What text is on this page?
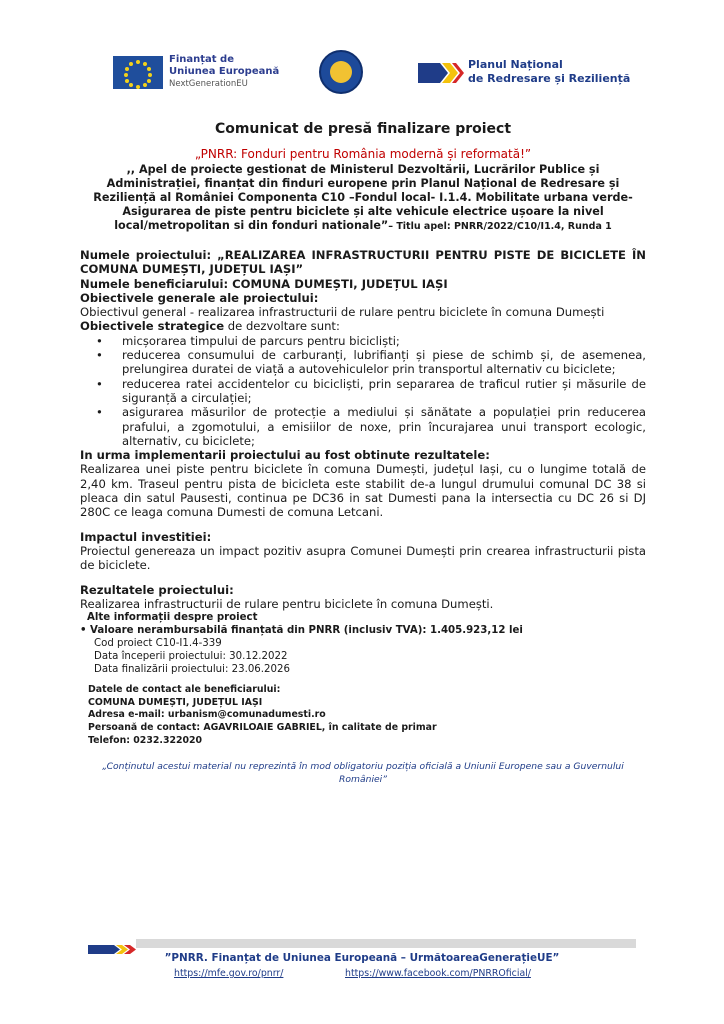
Finanțat de
Uniunea Europeană
NextGenerationEU
Planul Național
de Redresare și Reziliență

Comunicat de presă finalizare proiect

„PNRR: Fonduri pentru România modernă și reformată!”

,, Apel de proiecte gestionat de Ministerul Dezvoltării, Lucrărilor Publice și Administrației, finanțat din finduri europene prin Planul Național de Redresare și Reziliență al României Componenta C10 –Fondul local- I.1.4. Mobilitate urbana verde- Asigurarea de piste pentru biciclete și alte vehicule electrice ușoare la nivel local/metropolitan si din fonduri nationale”– Titlu apel: PNRR/2022/C10/I1.4, Runda 1

Numele proiectului: „REALIZAREA INFRASTRUCTURII PENTRU PISTE DE BICICLETE ÎN COMUNA DUMEȘTI, JUDEȚUL IAȘI”

Numele beneficiarului: COMUNA DUMEȘTI, JUDEȚUL IAȘI

Obiectivele generale ale proiectului:

Obiectivul general - realizarea infrastructurii de rulare pentru biciclete în comuna Dumești

Obiectivele strategice de dezvoltare sunt:

• micșorarea timpului de parcurs pentru bicicliști;
• reducerea consumului de carburanți, lubrifianți și piese de schimb și, de asemenea, prelungirea duratei de viață a autovehiculelor prin transportul alternativ cu biciclete;
• reducerea ratei accidentelor cu bicicliști, prin separarea de traficul rutier și măsurile de siguranță a circulației;
• asigurarea măsurilor de protecție a mediului și sănătate a populației prin reducerea prafului, a zgomotului, a emisiilor de noxe, prin încurajarea unui transport ecologic, alternativ, cu biciclete;

In urma implementarii proiectului au fost obtinute rezultatele:

Realizarea unei piste pentru biciclete în comuna Dumești, județul Iași, cu o lungime totală de 2,40 km. Traseul pentru pista de bicicleta este stabilit de-a lungul drumului comunal DC 38 si pleaca din satul Pausesti, continua pe DC36 in sat Dumesti pana la intersectia cu DC 26 si DJ 280C ce leaga comuna Dumesti de comuna Letcani.

Impactul investitiei:

Proiectul genereaza un impact pozitiv asupra Comunei Dumești prin crearea infrastructurii pista de biciclete.

Rezultatele proiectului:

Realizarea infrastructurii de rulare pentru biciclete în comuna Dumești.

Alte informații despre proiect
• Valoare nerambursabilă finanțată din PNRR (inclusiv TVA): 1.405.923,12 lei
Cod proiect C10-I1.4-339
Data începerii proiectului: 30.12.2022
Data finalizării proiectului: 23.06.2026
Datele de contact ale beneficiarului:
COMUNA DUMEȘTI, JUDEȚUL IAȘI
Adresa e-mail: urbanism@comunadumesti.ro
Persoană de contact: AGAVRILOAIE GABRIEL, în calitate de primar
Telefon: 0232.322020

„Conținutul acestui material nu reprezintă în mod obligatoriu poziția oficială a Uniunii Europene sau a Guvernului României”

”PNRR. Finanțat de Uniunea Europeană – UrmătoareaGenerațieUE”
https://mfe.gov.ro/pnrr/	https://www.facebook.com/PNRROficial/
